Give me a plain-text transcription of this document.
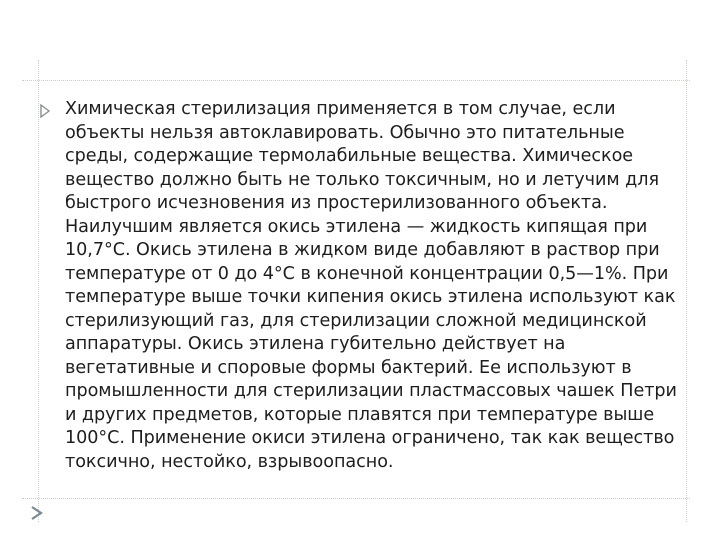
Химическая стерилизация применяется в том случае, если
объекты нельзя автоклавировать. Обычно это питательные
среды, содержащие термолабильные вещества. Химическое
вещество должно быть не только токсичным, но и летучим для
быстрого исчезновения из простерилизованного объекта.
Наилучшим является окись этилена — жидкость кипящая при
10,7°С. Окись этилена в жидком виде добавляют в раствор при
температуре от 0 до 4°С в конечной концентрации 0,5—1%. При
температуре выше точки кипения окись этилена используют как
стерилизующий газ, для стерилизации сложной медицинской
аппаратуры. Окись этилена губительно действует на
вегетативные и споровые формы бактерий. Ее используют в
промышленности для стерилизации пластмассовых чашек Петри
и других предметов, которые плавятся при температуре выше
100°С. Применение окиси этилена ограничено, так как вещество
токсично, нестойко, взрывоопасно.
